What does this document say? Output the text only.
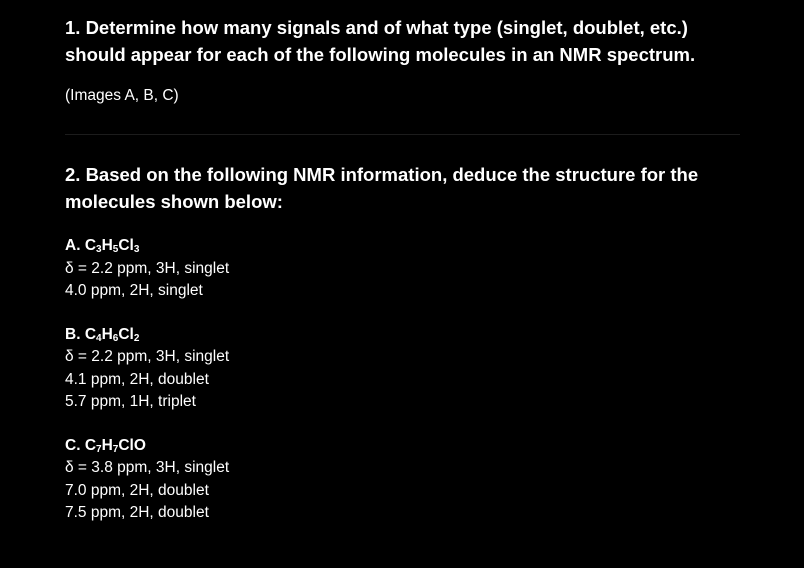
1. Determine how many signals and of what type (singlet, doublet, etc.)
should appear for each of the following molecules in an NMR spectrum.
(Images A, B, C)
2. Based on the following NMR information, deduce the structure for the
molecules shown below:
A. $C_3H_5Cl_3$
δ = 2.2 ppm, 3H, singlet
4.0 ppm, 2H, singlet
B. $C_4H_6Cl_2$
δ = 2.2 ppm, 3H, singlet
4.1 ppm, 2H, doublet
5.7 ppm, 1H, triplet
C. $C_7H_7ClO$
δ = 3.8 ppm, 3H, singlet
7.0 ppm, 2H, doublet
7.5 ppm, 2H, doublet
